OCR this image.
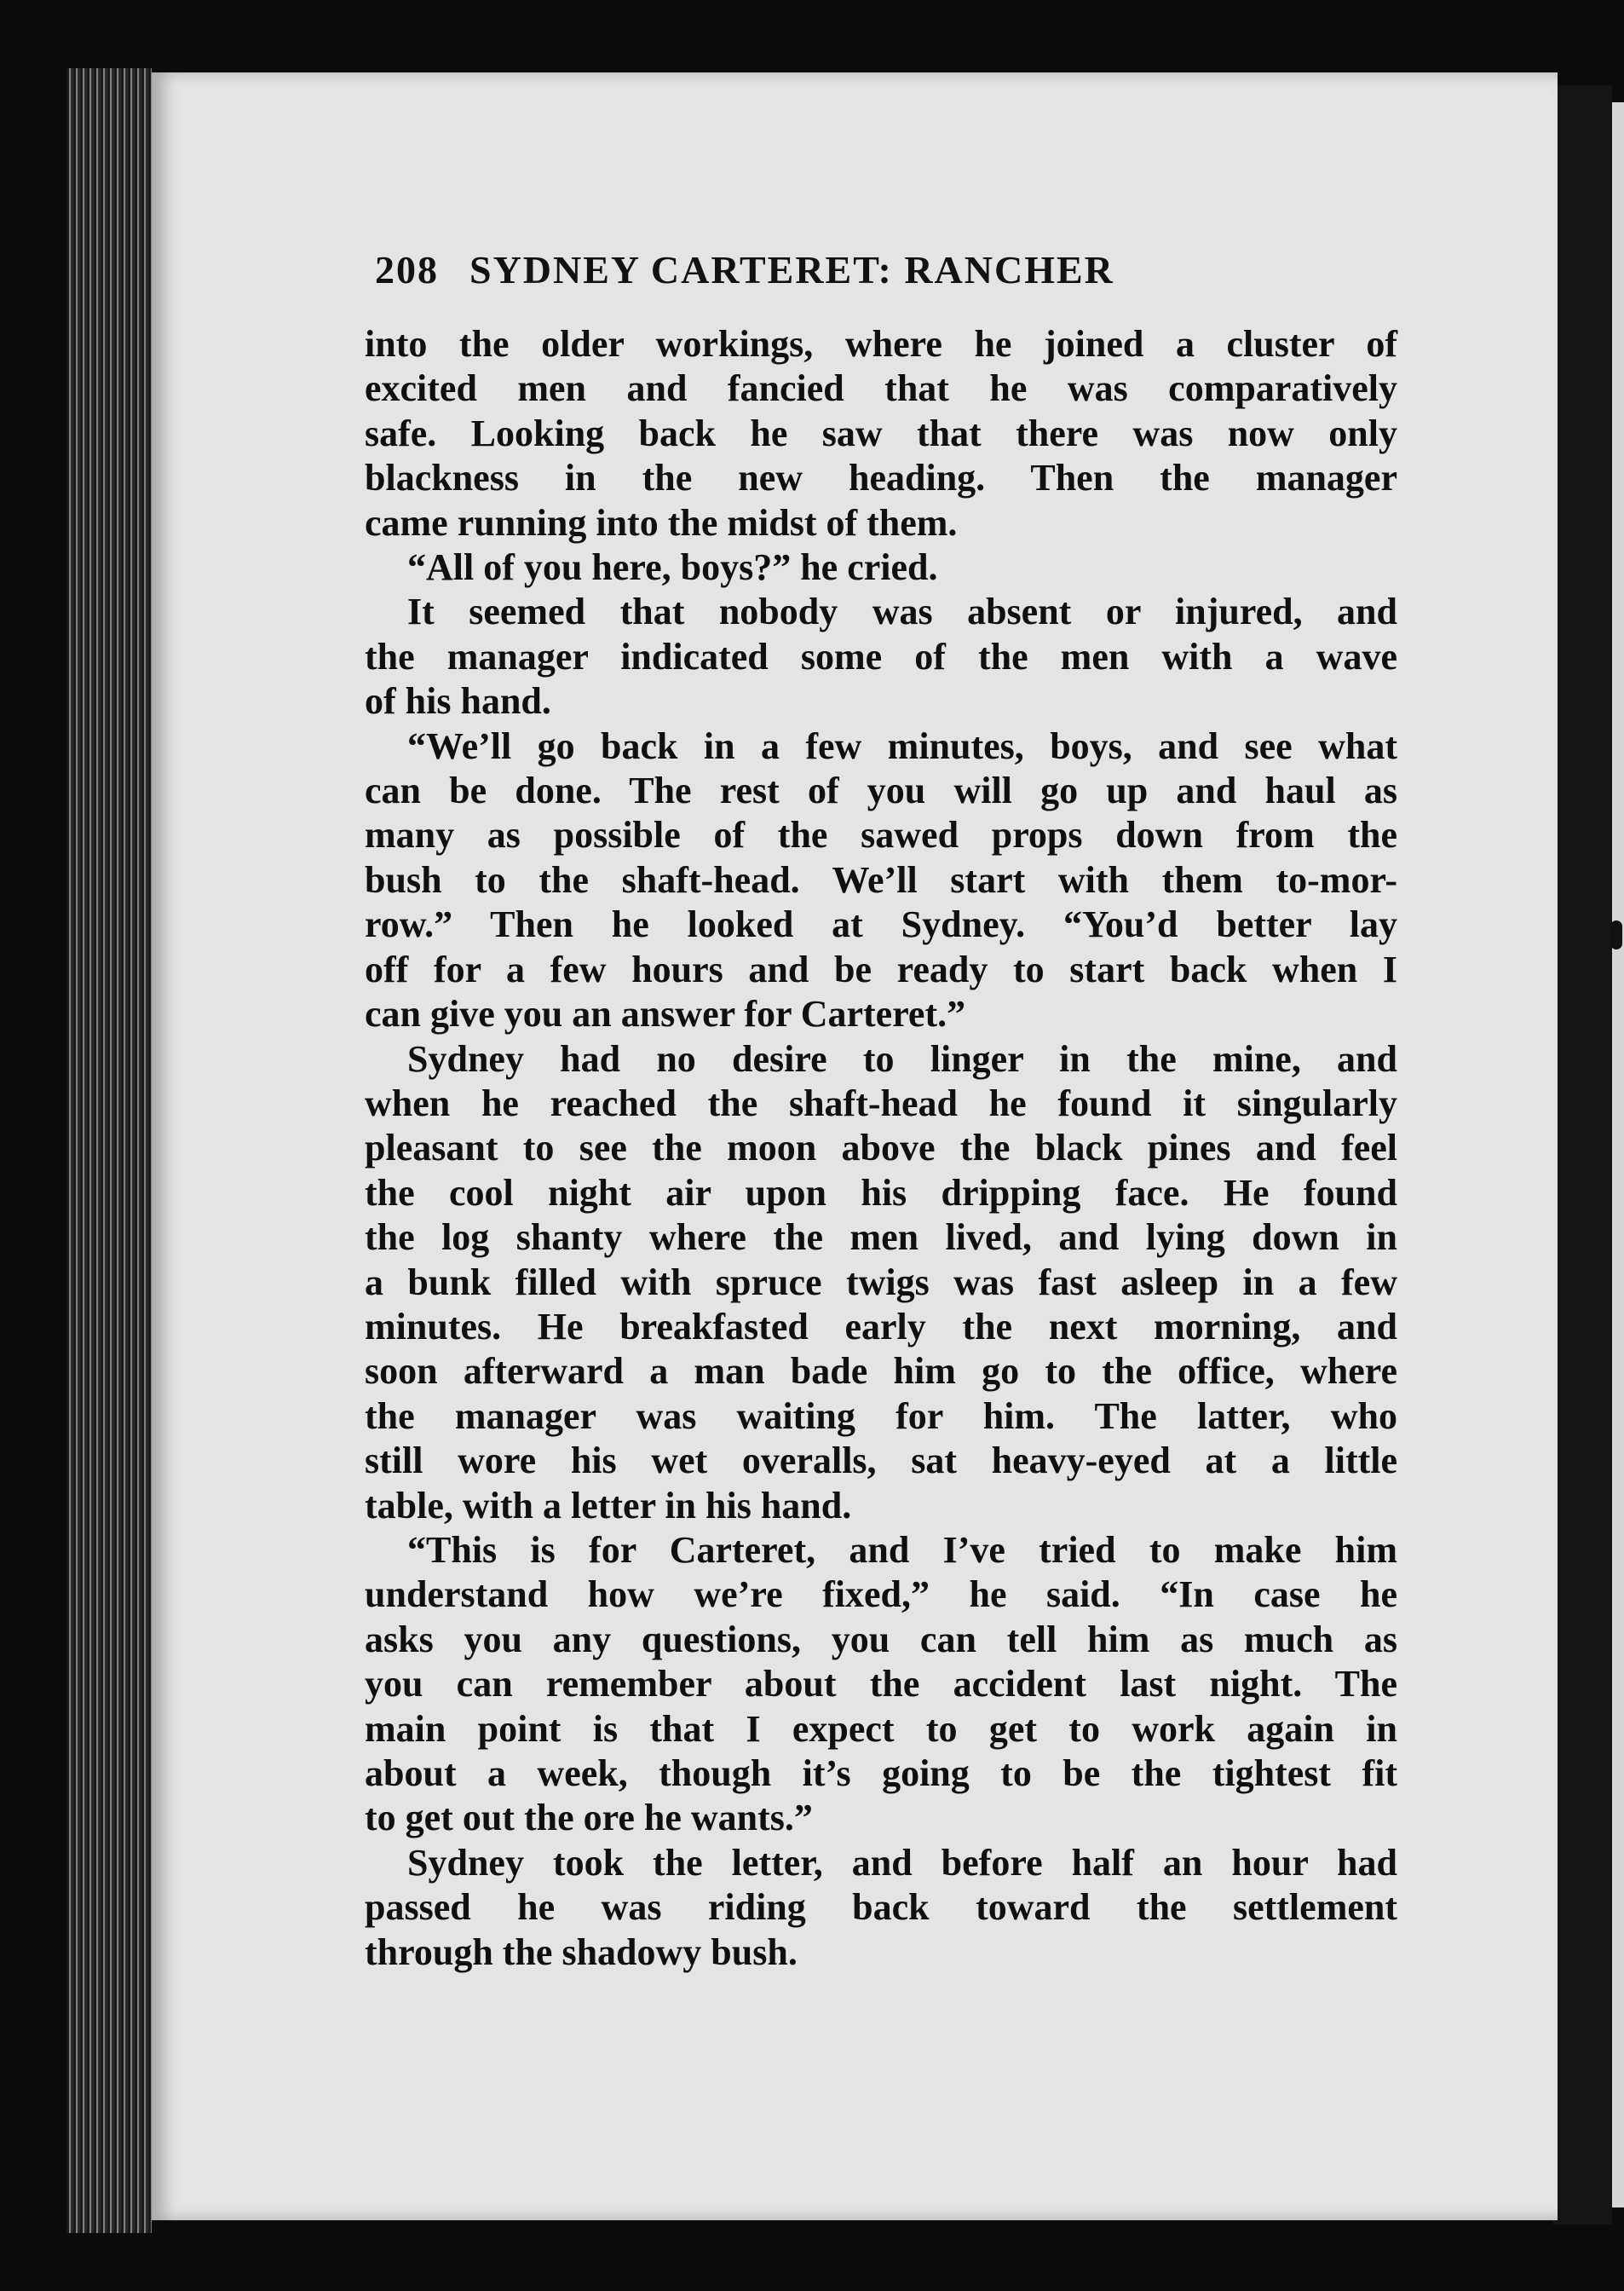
208 SYDNEY CARTERET: RANCHER
into the older workings, where he joined a cluster of
excited men and fancied that he was comparatively
safe. Looking back he saw that there was now only
blackness in the new heading. Then the manager
came running into the midst of them.
“All of you here, boys?” he cried.
It seemed that nobody was absent or injured, and
the manager indicated some of the men with a wave
of his hand.
“We’ll go back in a few minutes, boys, and see what
can be done. The rest of you will go up and haul as
many as possible of the sawed props down from the
bush to the shaft-head. We’ll start with them to-mor-
row.” Then he looked at Sydney. “You’d better lay
off for a few hours and be ready to start back when I
can give you an answer for Carteret.”
Sydney had no desire to linger in the mine, and
when he reached the shaft-head he found it singularly
pleasant to see the moon above the black pines and feel
the cool night air upon his dripping face. He found
the log shanty where the men lived, and lying down in
a bunk filled with spruce twigs was fast asleep in a few
minutes. He breakfasted early the next morning, and
soon afterward a man bade him go to the office, where
the manager was waiting for him. The latter, who
still wore his wet overalls, sat heavy-eyed at a little
table, with a letter in his hand.
“This is for Carteret, and I’ve tried to make him
understand how we’re fixed,” he said. “In case he
asks you any questions, you can tell him as much as
you can remember about the accident last night. The
main point is that I expect to get to work again in
about a week, though it’s going to be the tightest fit
to get out the ore he wants.”
Sydney took the letter, and before half an hour had
passed he was riding back toward the settlement
through the shadowy bush.
